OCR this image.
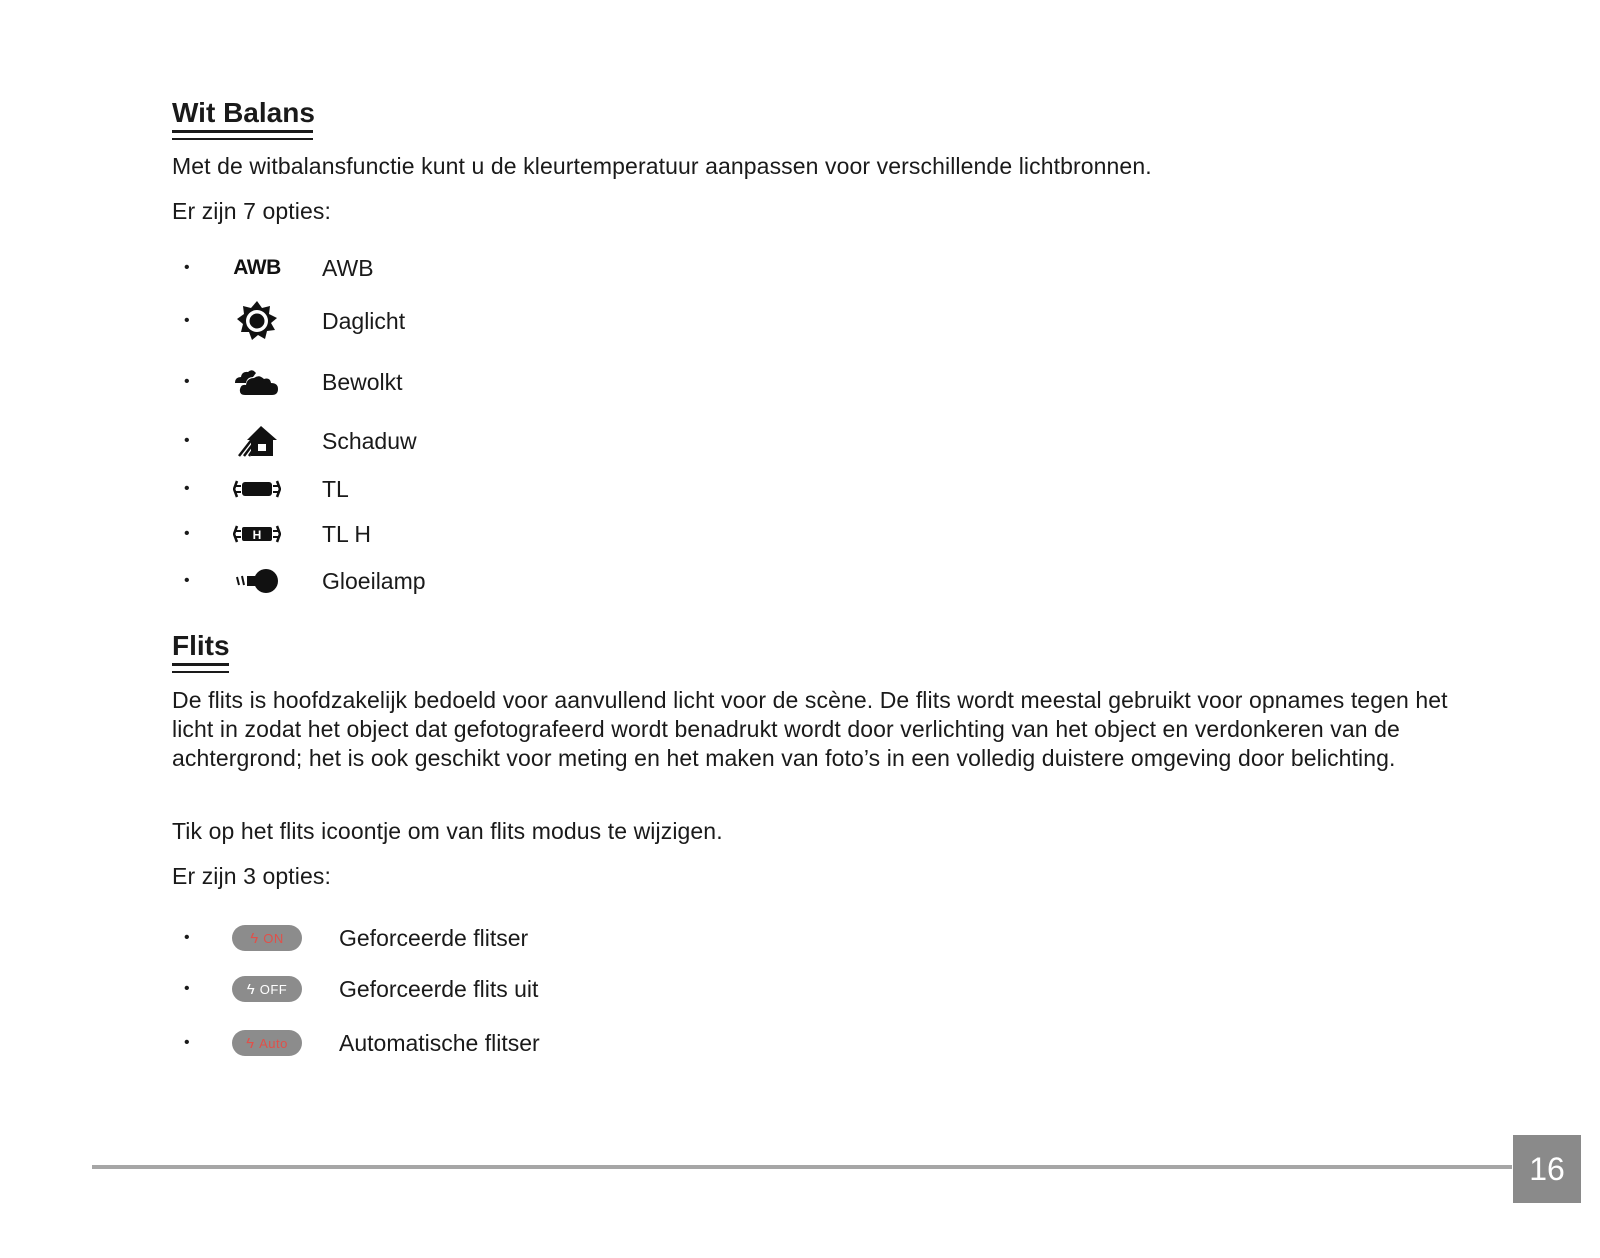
Wit Balans

Met de witbalansfunctie kunt u de kleurtemperatuur aanpassen voor verschillende lichtbronnen.

Er zijn 7 opties:

• AWB AWB
•	Daglicht
•	Bewolkt
•	Schaduw
•	TL
•	H	TL H
•	Gloeilamp
Flits

De flits is hoofdzakelijk bedoeld voor aanvullend licht voor de scène. De flits wordt meestal gebruikt voor opnames tegen het licht in zodat het object dat gefotografeerd wordt benadrukt wordt door verlichting van het object en verdonkeren van de achtergrond; het is ook geschikt voor meting en het maken van foto’s in een volledig duistere omgeving door belichting.

Tik op het flits icoontje om van flits modus te wijzigen.

Er zijn 3 opties:

•	ϟ ON Geforceerde flitser
•	ϟ OFF Geforceerde flits uit
•	ϟ Auto Automatische flitser
16
